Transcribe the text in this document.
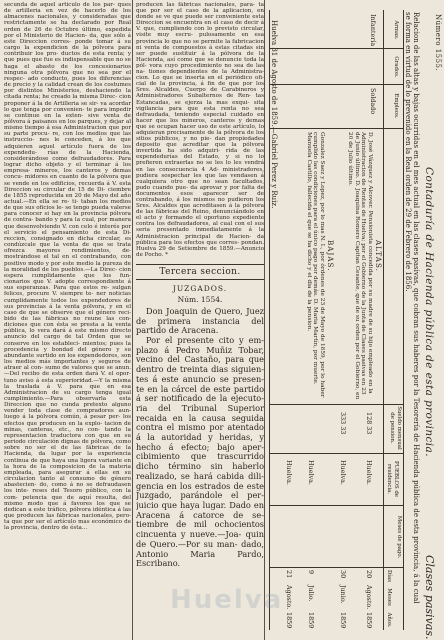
secunda de aquel articulo de los par- ques de artilleria en vez de hacerlo de los almacenes nacionales, y consideradas que restrictamente se ha declarado por Real orden de 26 de Octubre último, expedida por el Ministerio de Hacien- da, que sólo á este Direccion corres- ponde tomar á su cargo la expendicion de la pólvora para contribuir los pro- ductos de esta renta; y que pues que fue es indispensable que no se haga el abasto de los concesionarios ninguna otra pólvora que no sea por el respec- ado conducto, pues los diferencias de precio y la calidad crean de los costumes por distintos Ministerios, deshaciendo la citada renta; he creado la misma Direc- cion proponer á la de Artilleria se sir- va acordar lo que tenga por convenien- te para impedir se continue en la exten- sive venta de pólvora á paisanos en los parques, y dejar al mismo tiempo á esa Administracion que por su parte procu- re, con los medios que las instruccio- nes le conceden, á los que adquieren aquel artículo fuera de los expendedu- rías de la Hacienda, considerándose como defraudadores. Para lograr dicho objeto y el terminar á los empresa- mineros, los canteros y demas concu- midores en cuanto de la pólvora que se vende en los edificios, recuerda á V. esta Direccion su circular de 15 de Di- ciembre de 1855 reproducida en 20 de Mayo del año actual.—En ella se re- ti- taban los medios de que sus oficios le- se tengo pueda valerse para conocer si hay en la provincia pólvora de contra- bando y para la cual, por manera que desenvolviendo V. con celo é interés por el servicio el pensamiento de esta Di- reccion, consignado en dicha circular, es condúzcale que la venta de que se trata ofrezca mayores rendimientos, de- mostrándose el tal en el contrabando, con positivo modo y por este medio la pureza de la moralidad de los pueblos.—La Direc- cion espera cumplidamente que los fun- cionarios que V. adopte correspondiente á sus esperanzas. Para que estos re- sulgan felices, procure V. siempre te- ner noticias cumplidamente todos los expendedores de sus provincias á la venta pólvora, y en el caso de que se observe que el género reci- bido de las fábricas no reune las con- diciones que con ésta se presta a la venta pública, lo vera dará á este mismo directo anuncio del cargo de tal Orden que se conserve en los estableci- mientos; pues la procedencia y bondad del género y su abundante surtido en los expendedores, son los medios más importantes y seguros de atraer al con- sumo de valores que se anun.—Del recibo de esta orden dará V. el opor- tuno aviso á esta superioridad.—Y la misma la traslada á V. para que en esa Administracion de su cargo tenga igual cumplimiento.—Para observarla esta Direccion que no cunda pretexto alguno vender toda clase de compradores aun- luego á la pólvora común, á pesar per- los efectos que producen en la explo- tacion de minas, canteras, etc., no con- tando la representacion traductora con que en su periodo circulación dignas de pólvora, como sobre no ser el de las fábricas de la Hacienda, da lugar por la experiencia continua de que haya una ligera variante en la hora de la composicion de la materia empleada, para asegurar á ellas en su circulacion tanto al consumo de género abastecien- do, como á no se defraudasen los inte- reses del Tesoro público, con la com- petencia que de aquí resulta, del mismo modo que á favores los que se dedican a este tráfico, pólvora idéntica á las que producen las fábricas nacionales, pero- ta que por ser el artículo mas económico de la provincia, dentro de ésta...
producen las fábricas nacionales, para- ta que por ser el caso de la aplicacion, en donde se ve que puede ser conveniente esta Direccion se encuentra en el caso de decir á V. que, cumpliendo con lo previsto circular, visite muy escru- pulosamente en esa provincia lo que no se permite la fabricacion ni venta de compuestos á estas citadas sin ser puede sustituir á la pólvora de la Hacienda, así como que se denuncie toda la pól- vora cuyo procedimiento no sea de las na- tiones dependientes de la Administra- cion. Lo que se inserta en el periódico ofi- cial de la provincia, á fin de que por los Sres. Alcaldes, Cuerpo de Carabineros y Administradores Subalternos de Ren- tas Estancadas, se ejerza la mas exqui- sita vigilancia para que esta renta no sea defraudada, teniendo especial cuidado en hacer que los mineros, canteros y demas que se ocupan hacer uso de este artículo, lo adquieran precisamente de la pólvora de los sitios públicos, y no pie- dan propiedades deposito que acreditar que la pólvora invertida ha sido adquiri- rida de las expendedurías del Estado, y si no lo prefieren extraerlas no se les lo les vendrá en las consecuencia 4 Ad- ministradores, pudiera sospechar les que las vendasen á cualquiera otro que no sean facultados, pudo cuando pue- da aprovar y por falta de documentos esos aparecer ser de contrabando, á los mismos no pudieron los Sres. Alcaldes que acreditasen á la pólvora de las fábricas del Reino, denunciándolo en el acto y formando el oportuno expediente contra los defraudadores, al cual con el sus seria presentado inmediatamente á la Administracion principal de Hacien- da pública para los efectos que corres- pondan. Huelva 29 de Setiembre de 1859.—Anuncio de Pocho. *
Tercera seccion.
JUZGADOS.
Núm. 1554.
Don Joaquin de Quero, Juez de primera instancia del partido de Aracena.
Por el presente cito y em- plazo á Pedro Muñiz Tobar, vecino del Castaño, para que dentro de treinta dias siguien- tes á este anuncio se presen- te en la cárcel de este partido á ser notificado de la ejecuto- ria del Tribunal Superior recaida en la causa seguida contra el mismo por atentado á la autoridad y heridas, y hecho á efecto; bajo aper- cibimiento que trascurrido dicho término sin haberlo realizado, se hará cabida dili- gencia en los estrados de este Juzgado, parándole el per- juicio que haya lugar. Dado en Aracena á catorce de se- tiembre de mil ochocientos cincuenta y nueve.—Joa- quin de Quero.—Por su man- dado, Antonio Maria Pardo, Escribano.
Número 1555.
Contaduría de Hacienda pública de esta provincia.
Clases pasivas.
Relacion de las altas y bajas ocurridas en el mes actual en las clases pasivas, que cobran sus haberes por la Tesorería de Hacienda pública de esta provincia, á la cual se forma en virtud de lo prevenido en la Real orden de 29 de Febrero de 1856.
Armas.
Grados.
Empleos.
Sueldo mensual de pension.
PUEBLOS de residencia.
Meses de pago.
Días
Meses
Años.
Infantería
Soldado
ALTAS.
D. José Vázquez y Alcover. Pensionista concedida por su madre de su hijo empleado en la Administracion de Rentas de Huelva; por el Gobierno de la Junta de Clases pasivas en 23 de Junio último. D. Joaquina Romero Capitan Cesante, que de su orden por el Gobierno, en 20 de Julio último.
BAJAS.
Gonzalez Saez y Lopez, por lo mas N. I., por órdenes de 23 de Mayo de 1859, por lo haber cumplido las condiciones para el único pago por demás. D. Maria Martín, por muerte. Manuela Castillo, fallecida el que se ha dicho y el dia de la pension.
128 33
Huelva.
20
Agosto.
1859
333 33
Huelva.
30
Junio.
1859
Huelva.
9
Julio.
1859
Huelva.
21
Agosto.
1859
Huelva 31 de Agosto de 1859.—Gabriel Perez y Ruiz.
Huelva
